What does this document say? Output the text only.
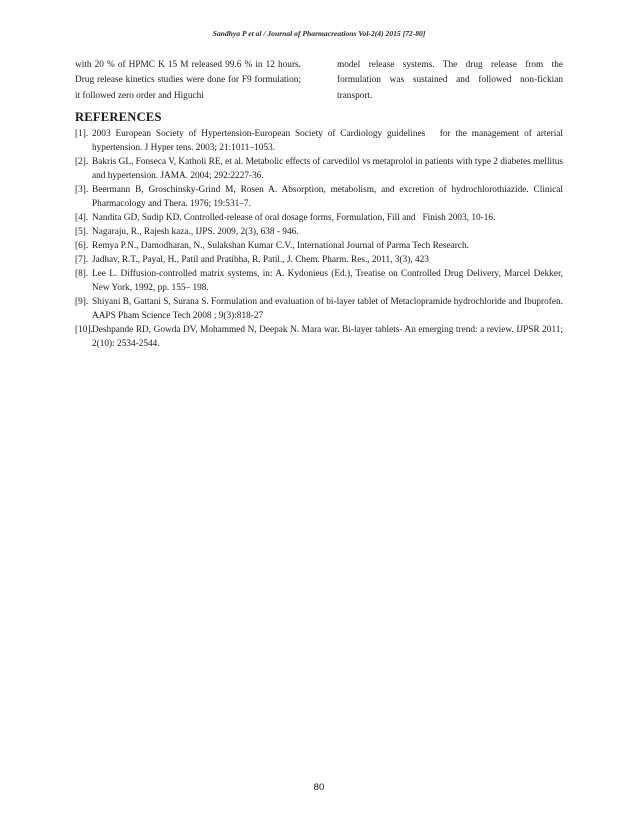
Sandhya P et al / Journal of Pharmacreations Vol-2(4) 2015 [72-80]

with 20 % of HPMC K 15 M released 99.6 % in 12 hours. Drug release kinetics studies were done for F9 formulation; it followed zero order and Higuchi

model release systems. The drug release from the formulation was sustained and followed non-fickian transport.

REFERENCES
[1]. 2003 European Society of Hypertension-European Society of Cardiology guidelines   for the management of arterial hypertension. J Hyper tens. 2003; 21:1011–1053.
[2]. Bakris GL, Fonseca V, Katholi RE, et al. Metabolic effects of carvedilol vs metaprolol in patients with type 2 diabetes mellitus and hypertension. JAMA. 2004; 292:2227-36.
[3]. Beermann B, Groschinsky-Grind M, Rosen A. Absorption, metabolism, and excretion of hydrochlorothiazide. Clinical Pharmacology and Thera. 1976; 19:531–7.
[4]. Nandita GD, Sudip KD. Controlled-release of oral dosage forms, Formulation, Fill and   Finish 2003, 10-16.
[5]. Nagaraju, R., Rajesh kaza., IJPS. 2009, 2(3), 638 - 946.
[6]. Remya P.N., Damodharan, N., Sulakshan Kumar C.V., International Journal of Parma Tech Research.
[7]. Jadhav, R.T., Payal, H., Patil and Pratibha, R. Patil., J. Chem. Pharm. Res., 2011, 3(3), 423
[8]. Lee L. Diffusion-controlled matrix systems, in: A. Kydonieus (Ed.), Treatise on Controlled Drug Delivery, Marcel Dekker, New York, 1992, pp. 155– 198.
[9]. Shiyani B, Gattani S, Surana S. Formulation and evaluation of bi-layer tablet of Metaclopramide hydrochloride and Ibuprofen. AAPS Pham Science Tech 2008 ; 9(3):818-27
[10]. Deshpande RD, Gowda DV, Mohammed N, Deepak N. Mara war. Bi-layer tablets- An emerging trend: a review. IJPSR 2011; 2(10): 2534-2544.
80
